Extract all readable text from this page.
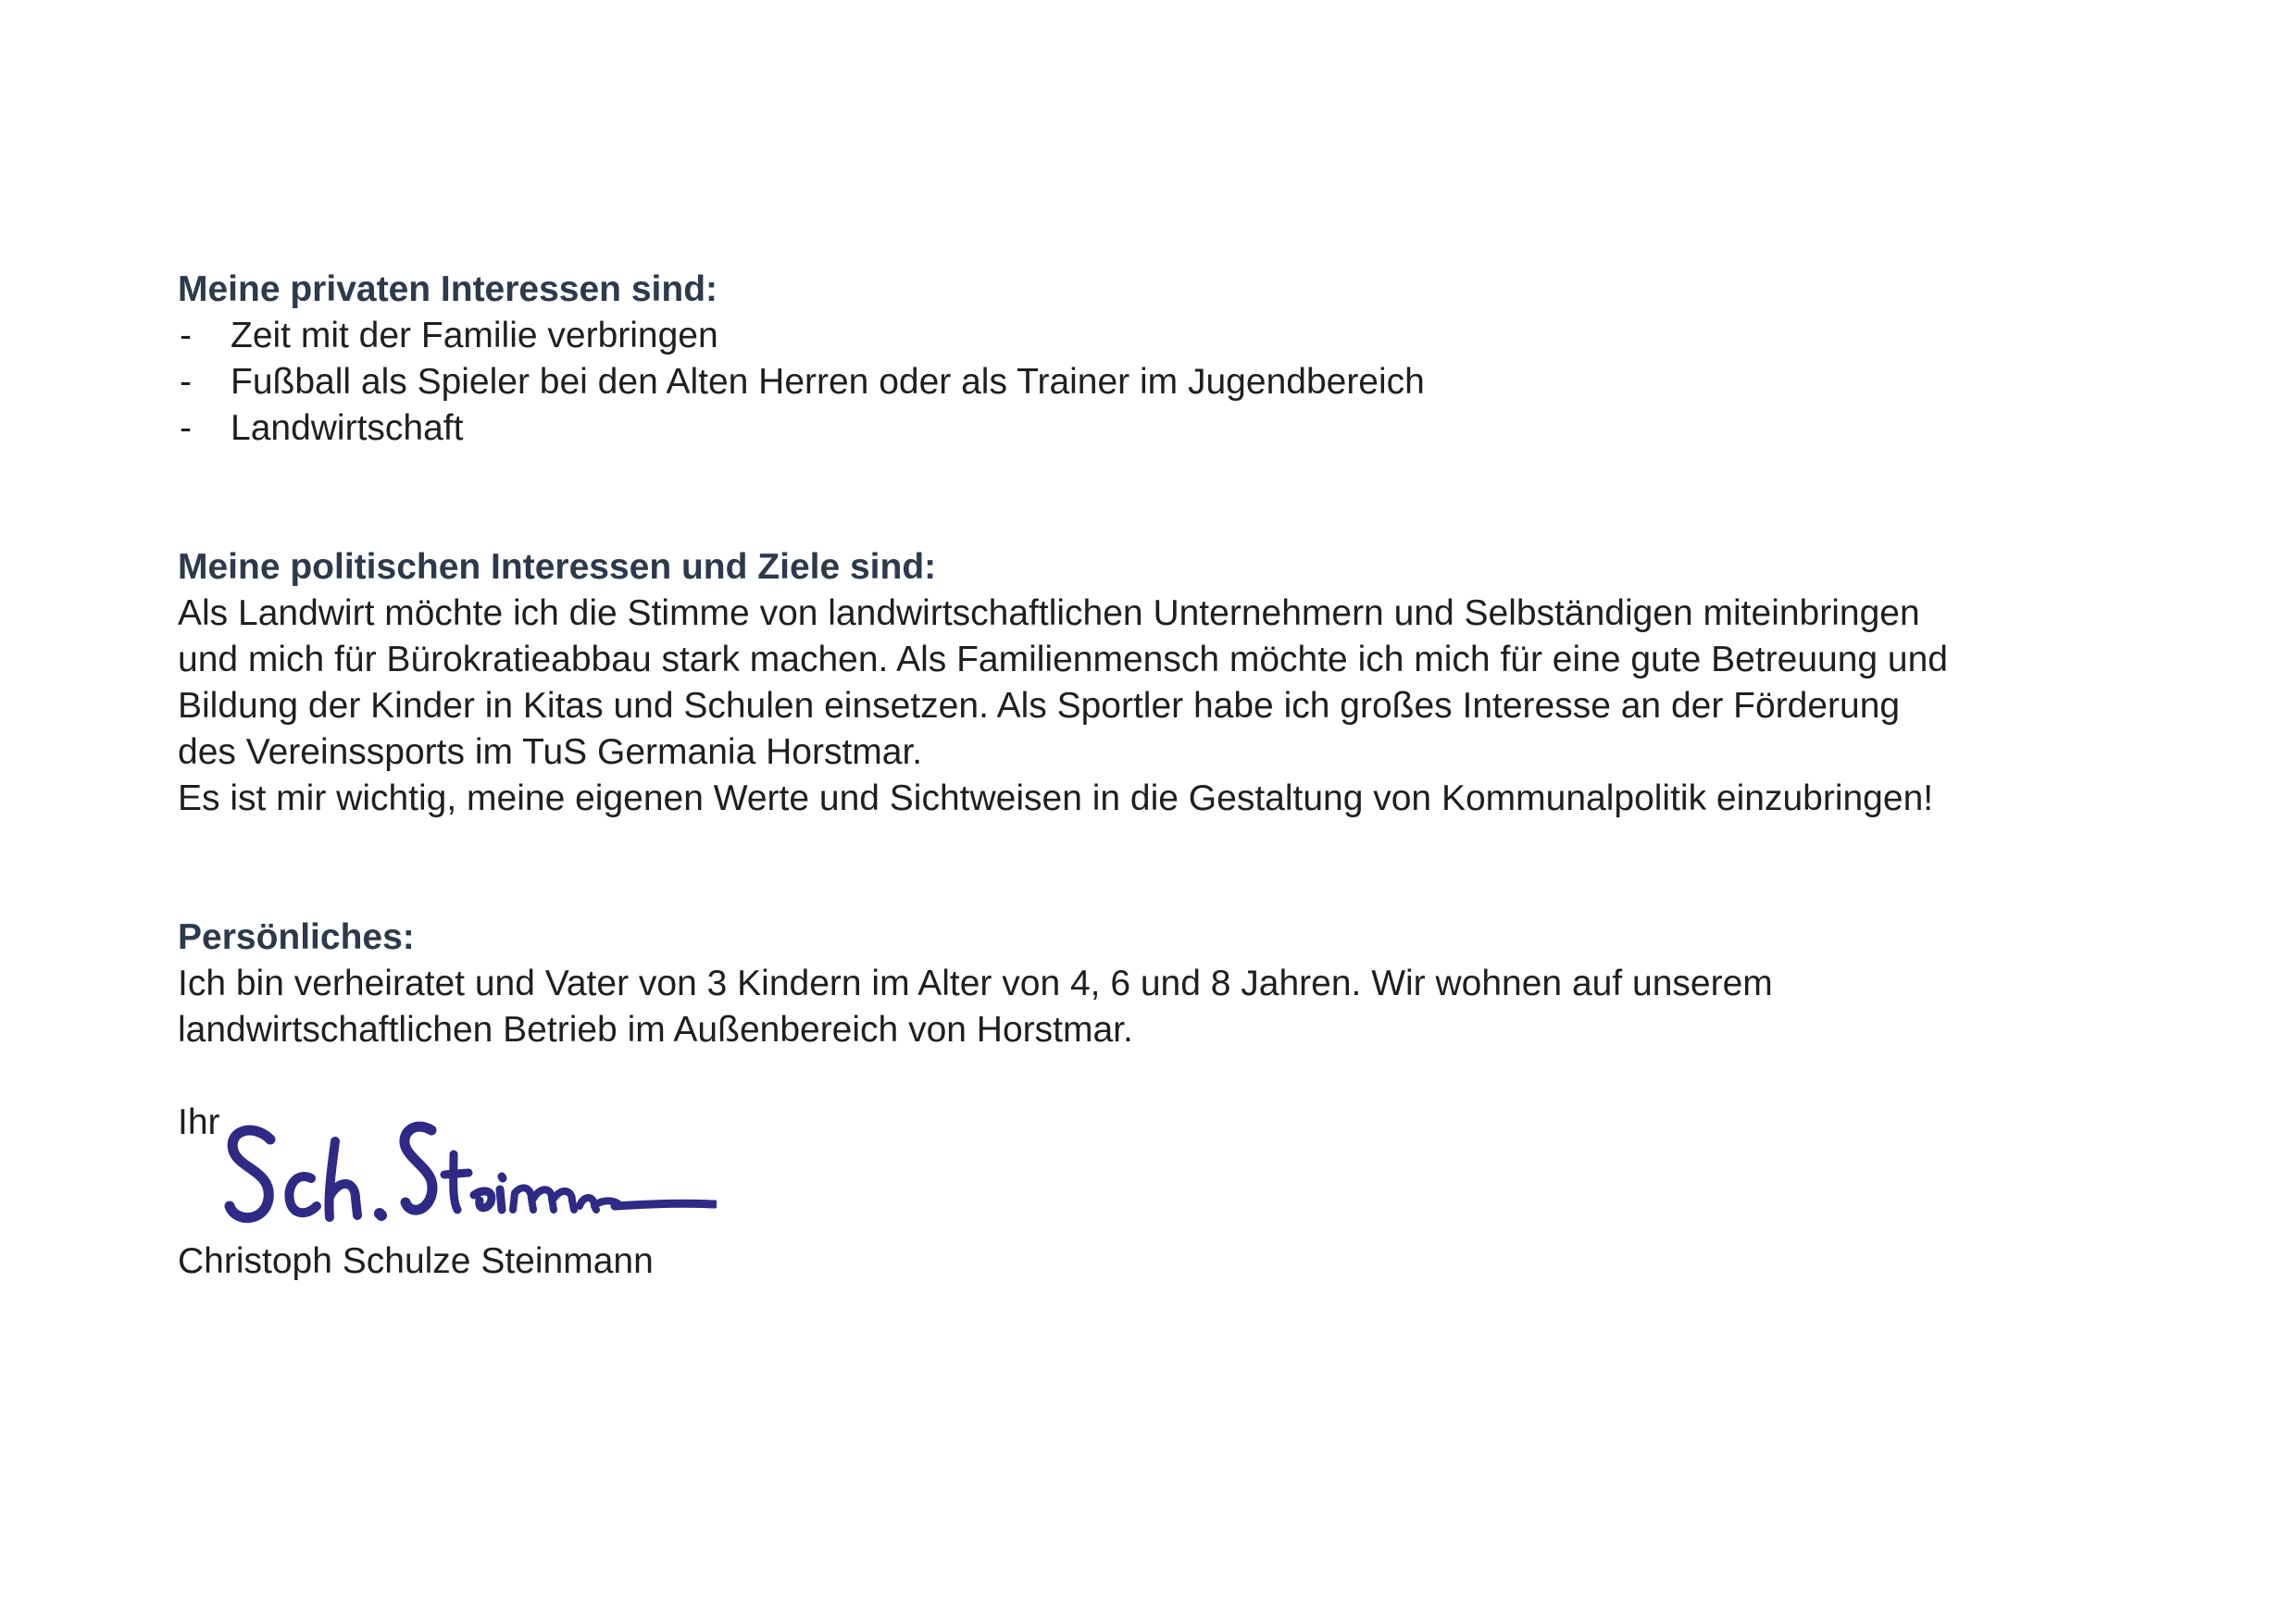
Meine privaten Interessen sind:

- Zeit mit der Familie verbringen
- Fußball als Spieler bei den Alten Herren oder als Trainer im Jugendbereich
- Landwirtschaft

Meine politischen Interessen und Ziele sind:

Als Landwirt möchte ich die Stimme von landwirtschaftlichen Unternehmern und Selbständigen miteinbringen

und mich für Bürokratieabbau stark machen. Als Familienmensch möchte ich mich für eine gute Betreuung und

Bildung der Kinder in Kitas und Schulen einsetzen. Als Sportler habe ich großes Interesse an der Förderung

des Vereinssports im TuS Germania Horstmar.

Es ist mir wichtig, meine eigenen Werte und Sichtweisen in die Gestaltung von Kommunalpolitik einzubringen!

Persönliches:

Ich bin verheiratet und Vater von 3 Kindern im Alter von 4, 6 und 8 Jahren. Wir wohnen auf unserem

landwirtschaftlichen Betrieb im Außenbereich von Horstmar.

Ihr

Christoph Schulze Steinmann
